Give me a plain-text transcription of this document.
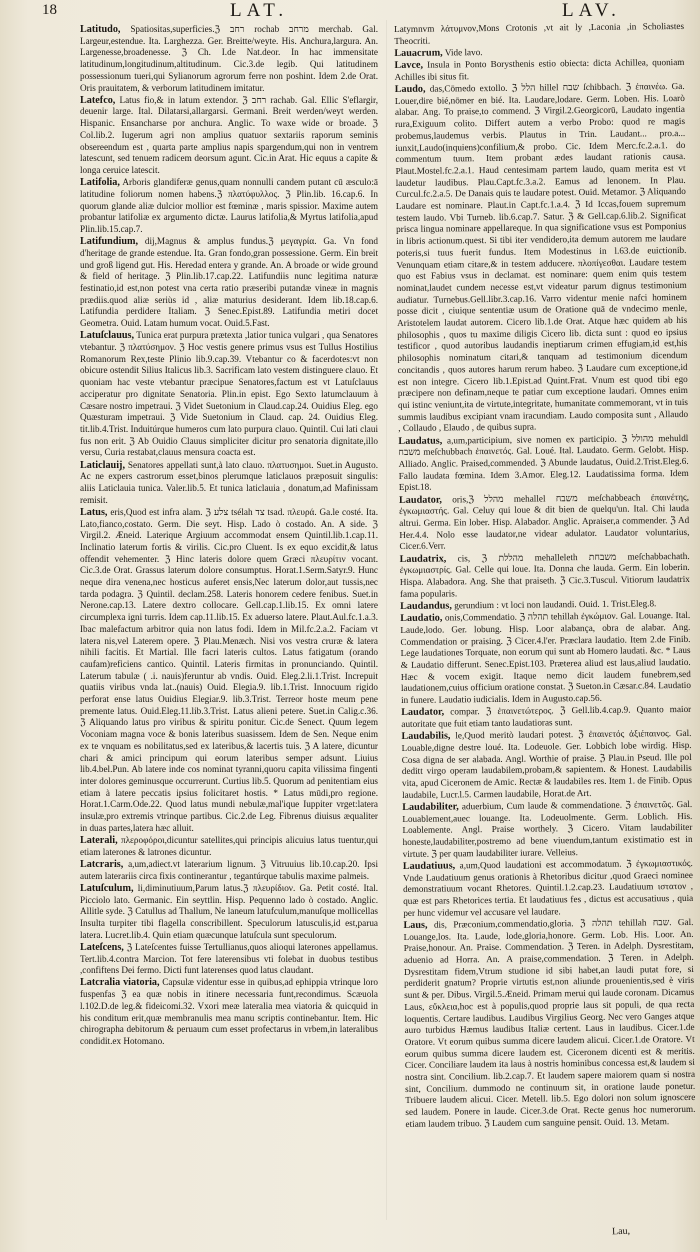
18	LAT.	LAV.

Latitudo, Spatiositas,superficies.ℨ רחב rochab מרחב merchab. Gal. Largeur,estendue. Ita. Larghezza. Ger. Breitte/weyte. His. Anchura,largura. An. Largenesse,broadenesse. ℨ Ch. I.de Nat.deor. In hac immensitate latitudinum,longitudinum,altitudinum. Cic.3.de legib. Qui latitudinem possessionum tueri,qui Sylianorum agrorum ferre non poshint. Idem 2.de Orat. Oris prauitatem, & verborum latitudinem imitatur.

Latefco, Latus fio,& in latum extendor. ℨ רחב rachab. Gal. Ellic S'eflargir, deuenir large. Ital. Dilatarsi,allargarsi. Germani. Breit werden/weyt werden. Hispanic. Ensancharse por anchura. Anglic. To waxe wide or broade. ℨ Col.lib.2. Iugerum agri non amplius quatuor sextariis raporum seminis obsereendum est , quarta parte amplius napis spargendum,qui non in ventrem latescunt, sed tenuem radicem deorsum agunt. Cic.in Arat. Hic equus a capite & longa ceruice latescit.

Latifolia, Arboris glandiferæ genus,quam nonnulli candem putant cū æsculo:ā latitudine foliorum nomen habens.ℨ πλατύφυλλος. ℨ Plin.lib. 16.cap.6. In quorum glande aliæ dulcior mollior est fœminæ , maris spissior. Maxime autem probantur latifoliæ ex argumento dictæ. Laurus latifolia,& Myrtus latifolia,apud Plin.lib.15.cap.7.

Latifundium, dij,Magnus & amplus fundus.ℨ μεγαγρία. Ga. Vn fond d'heritage de grande estendue. Ita. Gran fondo,gran possessione. Germ. Ein breit und groß ligend gut. His. Heredad entera y grande. An. A broade or wide ground & field of heritage. ℨ Plin.lib.17.cap.22. Latifundiis nunc legitima naturæ festinatio,id est,non potest vna certa ratio præseribi putandæ vineæ in magnis prædiis.quod aliæ seriùs id , aliæ maturius desiderant. Idem lib.18.cap.6. Latifundia perdidere Italiam. ℨ Senec.Epist.89. Latifundia metiri docet Geometra. Ouid. Latam humum vocat. Ouid.5.Fast.

Latuſclauus, Tunica erat purpura prætexta ,latior tunica vulgari , qua Senatores vtebantur. ℨ πλατύσημον. ℨ Hoc vestis genere primus vsus est Tullus Hostilius Romanorum Rex,teste Plinio lib.9.cap.39. Vtebantur co & facerdotes:vt non obicure ostendit Silius Italicus lib.3. Sacrificam lato vestem distinguere clauo. Et quoniam hac veste vtebantur præcipue Senatores,factum est vt Latuſclauus acciperatur pro dignitate Senatoria. Plin.in epist. Ego Sexto latumclauum à Cæsare nostro impetraui. ℨ Videt Suetonium in Claud.cap.24. Ouidius Eleg. ego Quæsturam impetraui. ℨ Vide Suetonium in Claud. cap. 24. Ouidius Eleg. tit.lib.4.Trist. Induitúrque humeros cum lato purpura clauo. Quintil. Cui lati claui fus non erit. ℨ Ab Ouidio Clauus simpliciter dicitur pro senatoria dignitate,illo versu, Curia restabat,clauus mensura coacta est.

Laticlauij, Senatores appellati sunt,à lato clauo. πλατυσημοι. Suet.in Augusto. Ac ne expers castrorum esset,binos plerumque laticlauos præposuit singulis: aliis Laticlauia tunica. Valer.lib.5. Et tunica laticlauia , donatum,ad Mafinissam remisit.

Latus, eris,Quod est infra alam. ℨ צלע tsélah צד tsad. πλευρά. Ga.le costé. Ita. Lato,fianco,costato. Germ. Die seyt. Hisp. Lado ò costado. An. A side. ℨ Virgil.2. Æneid. Laterique Argiuum accommodat ensem Quintil.lib.1.cap.11. Inclinatio laterum fortis & virilis. Cic.pro Cluent. Is ex equo excidit,& latus offendit vehementer. ℨ Hinc lateris dolore quem Græci πλευρίτιν vocant. Cic.3.de Orat. Grassus laterum dolore consumptus. Horat.1.Serm.Satyr.9. Hunc neque dira venena,nec hosticus auferet ensis,Nec laterum dolor,aut tussis,nec tarda podagra. ℨ Quintil. declam.258. Lateris honorem cedere fenibus. Suet.in Nerone.cap.13. Latere dextro collocare. Gell.cap.1.lib.15. Ex omni latere circumplexa igni turris. Idem cap.11.lib.15. Ex aduerso latere. Plaut.Aul.fc.1.a.3. Ibac malefactum arbitror quia non latus fodi. Idem in Mil.fc.2.a.2. Faciam vt latera nis,vel Laterem opere. ℨ Plau.Menæch. Nisi vos vestra cruræ & latera nihili facitis. Et Martial. Ille facri lateris cultos. Latus fatigatum (orando caufam)reficiens cantico. Quintil. Lateris firmitas in pronunciando. Quintil. Laterum tabulæ ( .i. nauis)feruntur ab vndis. Ouid. Eleg.2.li.1.Trist. Increpuit quatiis viribus vnda lat..(nauis) Ouid. Elegia.9. lib.1.Trist. Innocuum rigido perforat ense latus Ouidius Elegiar.9. lib.3.Trist. Terreor hoste meum pene premente latus. Ouid.Eleg.11.lib.3.Trist. Latus alieni petere. Suet.in Calig.c.36. ℨ Aliquando latus pro viribus & spiritu ponitur. Cic.de Senect. Quum legem Voconiam magna voce & bonis lateribus suasissem. Idem de Sen. Neque enim ex te vnquam es nobilitatus,sed ex lateribus,& lacertis tuis. ℨ A latere, dicuntur chari & amici principum qui eorum lateribus semper adsunt. Liuius lib.4.bel.Pun. Ab latere inde cos nominat tyranni,quoru capita vilissima fingenti inter dolores geminusque occurrerunt. Curtius lib.5. Quorum ad penitentiam eius etiam à latere peccatis ipsius folicitaret hostis. * Latus mūdi,pro regione. Horat.1.Carm.Ode.22. Quod latus mundi nebulæ,mal'ique Iuppiter vrget:latera insulæ,pro extremis vtrinque partibus. Cic.2.de Leg. Fibrenus diuisus æqualiter in duas partes,latera hæc alluit.

Laterali, πλεροφόροι,dicuntur satellites,qui principis alicuius latus tuentur,qui etiam laterones & latrones dicuntur.

Latcraris, a,um,adiect.vt laterarium lignum. ℨ Vitruuius lib.10.cap.20. Ipsi autem laterariis circa fixis continerantur , tegantúrque tabulis maxime palmeis.

Latuſculum, li,diminutiuum,Parum latus.ℨ πλευρίδιον. Ga. Petit costé. Ital. Picciolo lato. Germanic. Ein seyttlin. Hisp. Pequenno lado ò costado. Anglic. Allitle syde. ℨ Catullus ad Thallum, Ne laneum latufculum,manuſque mollicellas Insulta turpiter tibi flagella conscribillent. Speculorum latusculis,id est,parua latera. Lucret.lib.4. Quin etiam quæcunque latuſcula sunt speculorum.

Lateſcens, ℨ Lateſcentes fuisse Tertullianus,quos alioqui laterones appellamus. Tert.lib.4.contra Marcion. Tot fere laterensibus vti folebat in duobus testibus ,confiftens Dei fermo. Dicti funt laterenses quod latus claudant.

Latcralia viatoria, Capsulæ videntur esse in quibus,ad ephippia vtrinque loro fuspenfas ℨ ea quæ nobis in itinere necessaria funt,recondimus. Scæuola l.102.D.de leg.& fideicomi.32. Vxori meæ lateralia mea viatoria & quicquid in his conditum erit,quæ membranulis mea manu scriptis continebantur. Item. Hic chirographa debitorum & peruaum cum esset profectarus in vrbem,in lateralibus condidit.ex Hotomano.

Latymnvm λάτυμνον,Mons Crotonis ,vt ait ly ,Laconia ,in Scholiastes Theocriti.

Lauacrum, Vide lavo.

Lavce, Insula in Ponto Borysthenis estio obiecta: dicta Achillea, quoniam Achilles ibi situs fit.

Laudo, das,Cōmedo extollo. ℨ הלל hillel שבח ſchibbach. ℨ ἐπαινέω. Ga. Louer,dire bié,nōmer en bié. Ita. Laudare,lodare. Germ. Loben. His. Loarò alabar. Ang. To praise,to commend. ℨ Virgil.2.Georgicorū, Laudato ingentia rura,Exiguum colito. Differt autem a verbo Probo: quod re magis probemus,laudemus verbis. Plautus in Trin. Laudant... pro.a... iunxit,Laudo(inquiens)confilium,& probo. Cic. Idem Merc.fc.2.a.1. do commentum tuum. Item probant ædes laudant rationis causa. Plaut.Mostel.fc.2.a.1. Haud centesimam partem laudo, quam merita est vt laudetur laudibus. Plau.Capt.fc.3.a.2. Eamus ad lenonem. In Plau. Curcul.fc.2.a.5. De Danais quis te laudare potest. Ouid. Metamor. ℨ Aliquando Laudare est nominare. Plaut.in Capt.fc.1.a.4. ℨ Id Iccas,fouem supremum testem laudo. Vbi Turneb. lib.6.cap.7. Satur. ℨ & Gell.cap.6.lib.2. Significat prisca lingua nominare appellareque. In qua significatione vsus est Pomponius in libris actionum.quest. Si tibi iter vendidero,ita demum autorem me laudare poteris,si tuus fuerit fundus. Item Modestinus in l.63.de euictionib. Venunquam etiam citare,& in testem adducere. πλοπίγεσθαι. Laudare testem quo est Fabius vsus in declamat. est nominare: quem enim quis testem nominat,laudet cundem necesse est,vt videatur parum dignus testimonium audiatur. Turnebus.Gell.libr.3.cap.16. Varro videntur menie nafci hominem posse dicit , ciuique sententiæ usum de Oratione quā de vndecimo menle, Aristotelem laudat autorem. Cicero lib.1.de Orat. Atque hæc quidem ab his philosophis , quos tu maxime diligis Cicero lib. dicta sunt : quod eo ipsius testificor , quod autoribus laudandis ineptiarum crimen effugiam,id est,his philosophis nominatum citari,& tanquam ad testimonium dicendum concitandis , quos autores harum rerum habeo. ℨ Laudare cum exceptione,id est non integre. Cicero lib.1.Epist.ad Quint.Frat. Vnum est quod tibi ego præcipere non definam,neque te patiar cum exceptione laudari. Omnes enim qui istinc veniunt,ita de virtute,integritate, humanitate commemorant, vt in tuis summis laudibus excipiant vnam iracundiam. Laudo composita sunt , Allaudo , Collaudo , Elaudo , de quibus supra.

Laudatus, a,um,participium, sive nomen ex participio. ℨ מהולל mehuldl משבח meſchubbach ἐπαινετός. Gal. Loué. Ital. Laudato. Germ. Gelobt. Hisp. Alliado. Anglic. Praised,commended. ℨ Abunde laudatus, Ouid.2.Trist.Eleg.6. Fallo laudata fœmina. Idem 3.Amor. Eleg.12. Laudatissima forma. Idem Epist.18.

Laudator, oris,ℨ מהלל mehallel משבח meſchabbeach ἐπαινέτης, ἐγκωμιαστής. Gal. Celuy qui loue & dit bien de quelqu'un. Ital. Chi lauda altrui. Germa. Ein lober. Hisp. Alabador. Anglic. Apraiser,a commender. ℨ Ad Her.4.4. Nolo esse laudator,ne videar adulator. Laudator voluntarius, Cicer.6.Verr.

Laudatrix, cis, ℨ מהללת mehalleleth משבחת meſchabbachath. ἐγκωμιαστρίς. Gal. Celle qui loue. Ita. Donna che lauda. Germ. Ein loberin. Hispa. Alabadora. Ang. She that praiseth. ℨ Cic.3.Tuscul. Vitiorum laudatrix fama popularis.

Laudandus, gerundium : vt loci non laudandi. Ouid. 1. Trist.Eleg.8.

Laudatio, onis,Commendatio. ℨ תהלה tehillah ἐγκώμιον. Gal. Louange. Ital. Laude,lodo. Ger. lobung. Hisp. Loor alabança, obra de alabar. Ang. Commendation or praising. ℨ Cicer.4.l'er. Præclara laudatio. Item 2.de Finib. Lege laudationes Torquate, non eorum qui sunt ab Homero laudati. &c. * Laus & Laudatio differunt. Senec.Epist.103. Præterea aliud est laus,aliud laudatio. Hæc & vocem exigit. Itaque nemo dicit laudem funebrem,sed laudationem,cuius officium oratione constat. ℨ Sueton.in Cæsar.c.84. Laudatio in funere. Laudatio iudicialis. Idem in Augusto.cap.56.

Laudator, compar. ℨ ἐπαινετώτερος. ℨ Gell.lib.4.cap.9. Quanto maior autoritate que fuit etiam tanto laudatioras sunt.

Laudabilis, le,Quod meritò laudari potest. ℨ ἐπαινετός ἀξιέπαινος. Gal. Louable,digne destre loué. Ita. Lodeuole. Ger. Lobbich lobe wirdig. Hisp. Cosa digna de ser alabada. Angl. Worthie of praise. ℨ Plau.in Pseud. Ille pol deditt virgo operam laudabilem,probam,& sapientem. & Honest. Laudabilis vita, apud Ciceronem de Amic. Rectæ & laudabiles res. Item 1. de Finib. Opus laudabile, Lucr.l.5. Carmen laudabile, Horat.de Art.

Laudabiliter, aduerbium, Cum laude & commendatione. ℨ ἐπαινετῶς. Gal. Louablement,auec louange. Ita. Lodeuolmente. Germ. Loblich. His. Loablemente. Angl. Praise worthely. ℨ Cicero. Vitam laudabiliter honeste,laudabiliter,postremo ad bene viuendum,tantum existimatio est in virtute. ℨ per quam laudabiliter iurare. Velleius.

Laudatiuus, a,um,Quod laudationi est accommodatum. ℨ ἐγκωμιαστικός. Vnde Laudatiuum genus orationis à Rhetoribus dicitur ,quod Graeci nominee demonstratiuum vocant Rhetores. Quintil.1.2.cap.23. Laudatiuum ιστατον , quæ est pars Rhetorices tertia. Et laudatiuus fes , dictus est accusatiuus , quia per hunc videmur vel accusare vel laudare.

Laus, dis, Præconium,commendatio,gloria. ℨ תהלה tehillah שבח. Gal. Louange,los. Ita. Laude, lode,gloria,honore. Germ. Lob. His. Loor. An. Praise,honour. An. Praise. Commendation. ℨ Teren. in Adelph. Dysrestitam, aduenio ad Horra. An. A praise,commendation. ℨ Teren. in Adelph. Dysrestitam fidem,Vtrum studione id sibi habet,an laudi putat fore, si perdiderit gnatum? Proprie virtutis est,non aliunde prouenientis,sed è viris sunt & per. Dibus. Virgil.5.Æneid. Primam merui qui laude coronam. Dicamus Laus, εὔκλεια,hoc est à populis,quod proprie laus sit populi, de qua recta loquentis. Certare laudibus. Laudibus Virgilius Georg. Nec vero Ganges atque auro turbidus Hæmus laudibus Italiæ certent. Laus in laudibus. Cicer.1.de Oratore. Vt eorum quibus summa dicere laudem alicui. Cicer.1.de Oratore. Vt eorum quibus summa dicere laudem est. Ciceronem dicenti est & meritis. Cicer. Conciliare laudem ita laus à nostris hominibus concessa est,& laudem si nostra sint. Concilium. lib.2.cap.7. Et laudem sapere maiorem quam si nostra sint, Concilium. dummodo ne continuum sit, in oratione laude ponetur. Tribuere laudem alicui. Cicer. Metell. lib.5. Ego dolori non solum ignoscere sed laudem. Ponere in laude. Cicer.3.de Orat. Recte genus hoc numerorum. etiam laudem tribuo. ℨ Laudem cum sanguine pensit. Ouid. 13. Metam.

Lau,
